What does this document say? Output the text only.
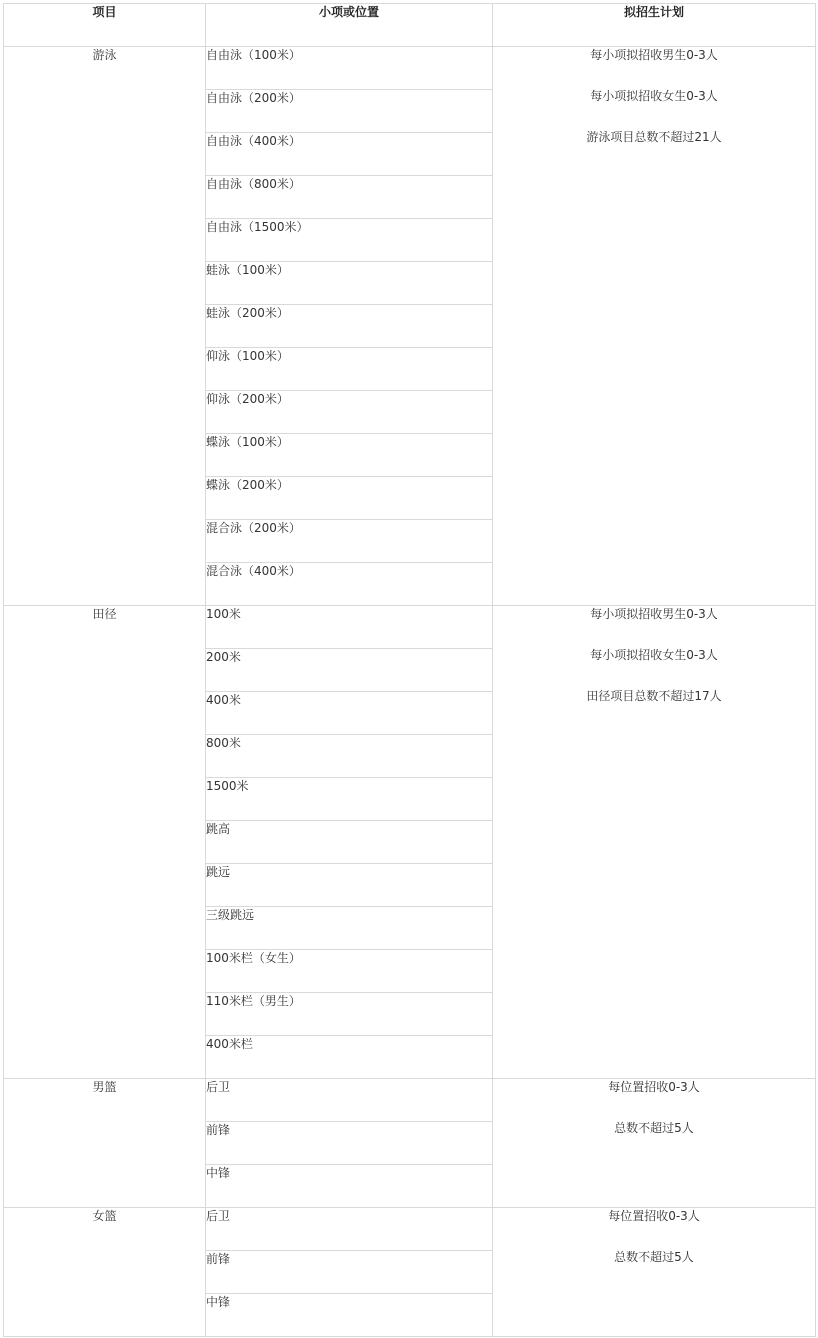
项目	小项或位置	拟招生计划
游泳	自由泳（100米）	每小项拟招收男生0-3人
每小项拟招收女生0-3人
游泳项目总数不超过21人

	自由泳（200米）	
	自由泳（400米）	
	自由泳（800米）	
	自由泳（1500米）	
	蛙泳（100米）	
	蛙泳（200米）	
	仰泳（100米）	
	仰泳（200米）	
	蝶泳（100米）	
	蝶泳（200米）	
	混合泳（200米）	
	混合泳（400米）	
田径	100米	每小项拟招收男生0-3人
每小项拟招收女生0-3人
田径项目总数不超过17人

	200米	
	400米	
	800米	
	1500米	
	跳高	
	跳远	
	三级跳远	
	100米栏（女生）	
	110米栏（男生）	
	400米栏	
男篮	后卫	每位置招收0-3人
总数不超过5人

	前锋	
	中锋	
女篮	后卫	每位置招收0-3人
总数不超过5人

	前锋	
	中锋	
